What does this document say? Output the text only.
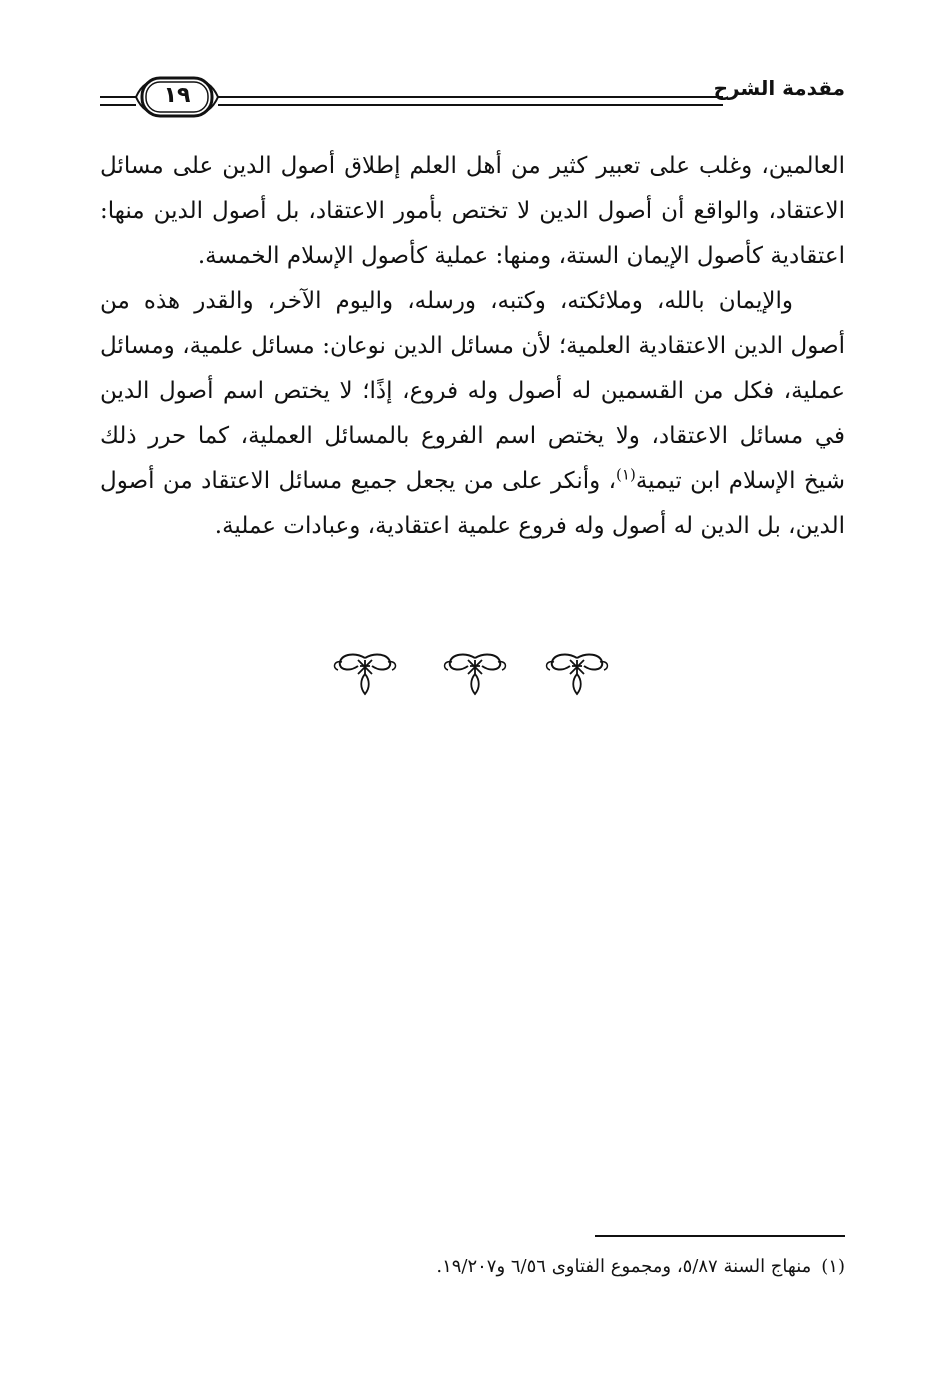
مقدمة الشرح
١٩

العالمين، وغلب على تعبير كثير من أهل العلم إطلاق أصول الدين على مسائل الاعتقاد، والواقع أن أصول الدين لا تختص بأمور الاعتقاد، بل أصول الدين منها: اعتقادية كأصول الإيمان الستة، ومنها: عملية كأصول الإسلام الخمسة.

والإيمان بالله، وملائكته، وكتبه، ورسله، واليوم الآخر، والقدر هذه من أصول الدين الاعتقادية العلمية؛ لأن مسائل الدين نوعان: مسائل علمية، ومسائل عملية، فكل من القسمين له أصول وله فروع، إذًا؛ لا يختص اسم أصول الدين في مسائل الاعتقاد، ولا يختص اسم الفروع بالمسائل العملية، كما حرر ذلك شيخ الإسلام ابن تيمية$^{(١)}$، وأنكر على من يجعل جميع مسائل الاعتقاد من أصول الدين، بل الدين له أصول وله فروع علمية اعتقادية، وعبادات عملية.

(١)منهاج السنة ٥/٨٧، ومجموع الفتاوى ٦/٥٦ و١٩/٢٠٧.
